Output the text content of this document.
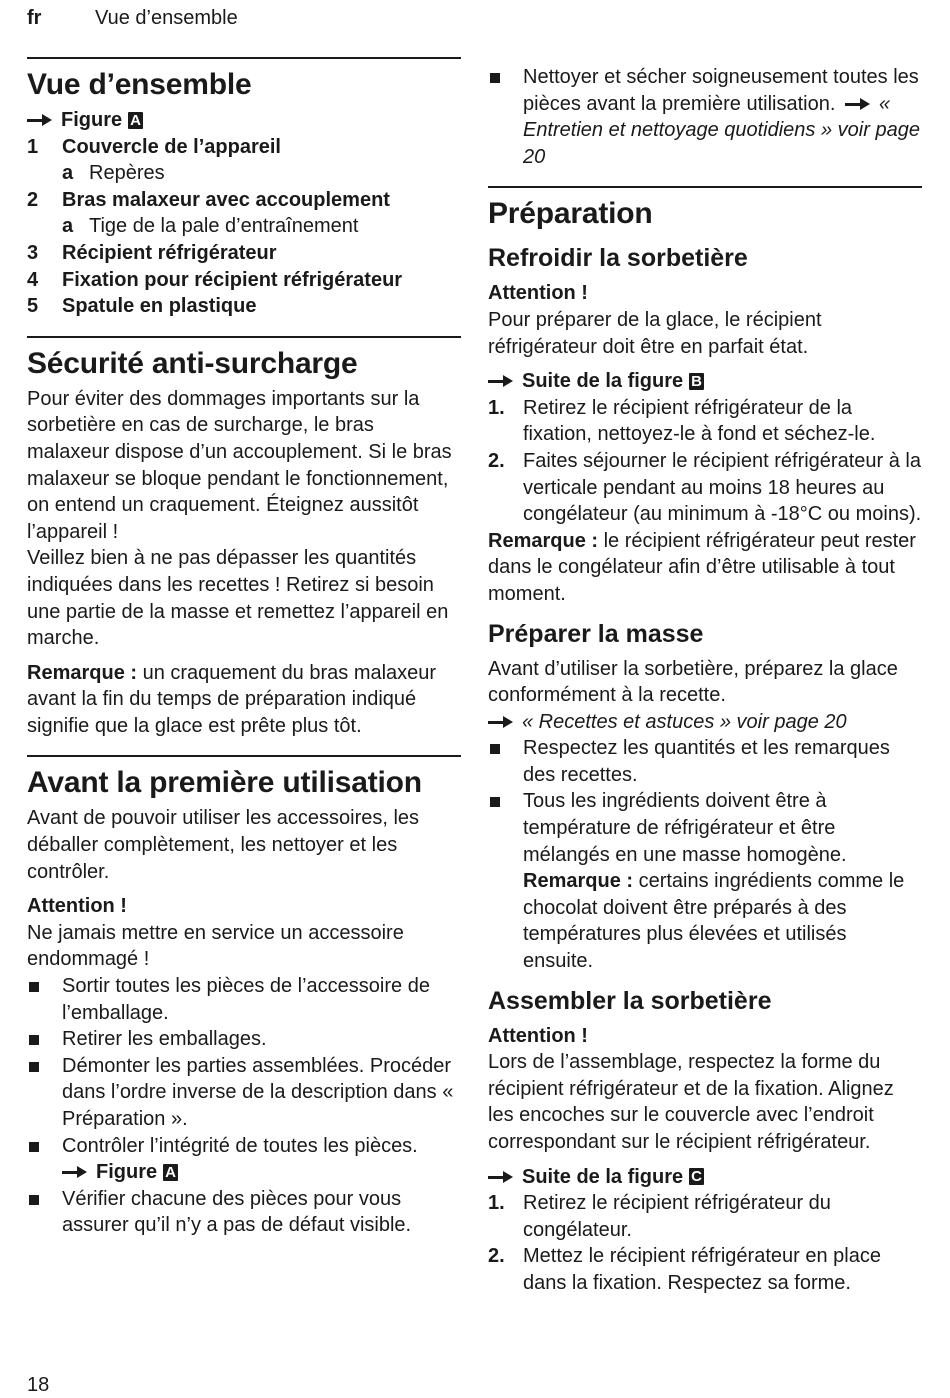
fr	Vue d’ensemble
Vue d’ensemble
Figure A
1	Couvercle de l’appareil
a Repères
2	Bras malaxeur avec accouplement
a Tige de la pale d’entraînement
3	Récipient réfrigérateur
4	Fixation pour récipient réfrigérateur
5	Spatule en plastique
Sécurité anti-surcharge

Pour éviter des dommages importants sur la sorbetière en cas de surcharge, le bras malaxeur dispose d’un accouplement. Si le bras malaxeur se bloque pendant le fonctionnement, on entend un craquement. Éteignez aussitôt l’appareil !

Veillez bien à ne pas dépasser les quantités indiquées dans les recettes ! Retirez si besoin une partie de la masse et remettez l’appareil en marche.

Remarque : un craquement du bras malaxeur avant la fin du temps de préparation indiqué signifie que la glace est prête plus tôt.

Avant la première utilisation

Avant de pouvoir utiliser les accessoires, les déballer complètement, les nettoyer et les contrôler.

Attention !

Ne jamais mettre en service un accessoire endommagé !

Sortir toutes les pièces de l’accessoire de l’emballage.
Retirer les emballages.
Démonter les parties assemblées. Procéder dans l’ordre inverse de la description dans « Préparation ».
Contrôler l’intégrité de toutes les pièces.
Figure A
Vérifier chacune des pièces pour vous assurer qu’il n’y a pas de défaut visible.
Nettoyer et sécher soigneusement toutes les pièces avant la première utilisation. « Entretien et nettoyage quotidiens » voir page 20
Préparation
Refroidir la sorbetière

Attention !

Pour préparer de la glace, le récipient réfrigérateur doit être en parfait état.

Suite de la figure B
1. Retirez le récipient réfrigérateur de la fixation, nettoyez-le à fond et séchez-le.
2. Faites séjourner le récipient réfrigérateur à la verticale pendant au moins 18 heures au congélateur (au minimum à -18°C ou moins).

Remarque : le récipient réfrigérateur peut rester dans le congélateur afin d’être utilisable à tout moment.

Préparer la masse

Avant d’utiliser la sorbetière, préparez la glace conformément à la recette.

« Recettes et astuces » voir page 20
Respectez les quantités et les remarques des recettes.
Tous les ingrédients doivent être à température de réfrigérateur et être mélangés en une masse homogène.
Remarque : certains ingrédients comme le chocolat doivent être préparés à des températures plus élevées et utilisés ensuite.
Assembler la sorbetière

Attention !

Lors de l’assemblage, respectez la forme du récipient réfrigérateur et de la fixation. Alignez les encoches sur le couvercle avec l’endroit correspondant sur le récipient réfrigérateur.

Suite de la figure C
1. Retirez le récipient réfrigérateur du congélateur.
2. Mettez le récipient réfrigérateur en place dans la fixation. Respectez sa forme.
18
